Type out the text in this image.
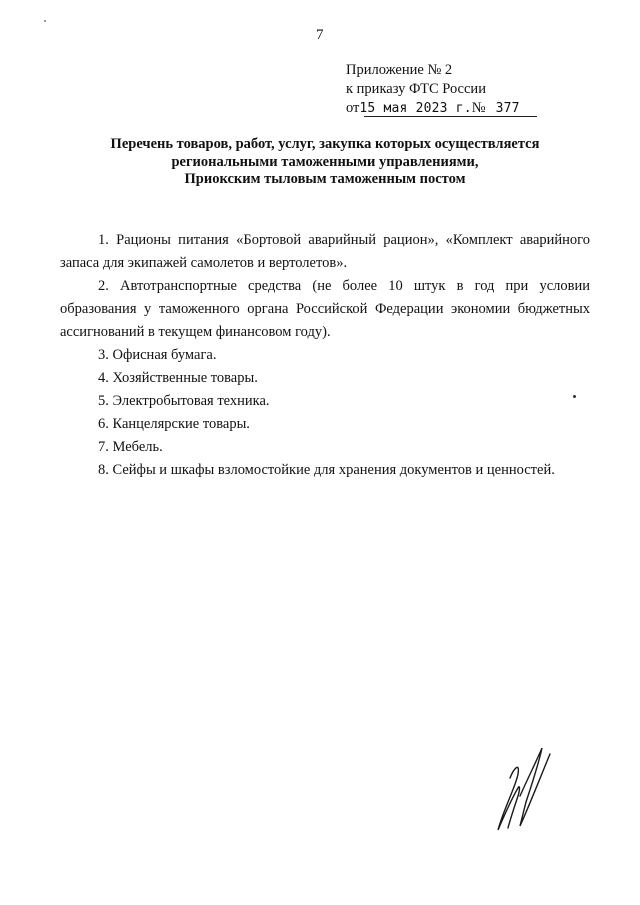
7
Приложение № 2
к приказу ФТС России
от15 мая 2023 г.№ 377
Перечень товаров, работ, услуг, закупка которых осуществляется
региональными таможенными управлениями,
Приокским тыловым таможенным постом
1. Рационы питания «Бортовой аварийный рацион», «Комплект аварийного
запаса для экипажей самолетов и вертолетов».
2. Автотранспортные средства (не более 10 штук в год при условии
образования у таможенного органа Российской Федерации экономии бюджетных
ассигнований в текущем финансовом году).
3. Офисная бумага.
4. Хозяйственные товары.
5. Электробытовая техника.
6. Канцелярские товары.
7. Мебель.
8. Сейфы и шкафы взломостойкие для хранения документов и ценностей.
